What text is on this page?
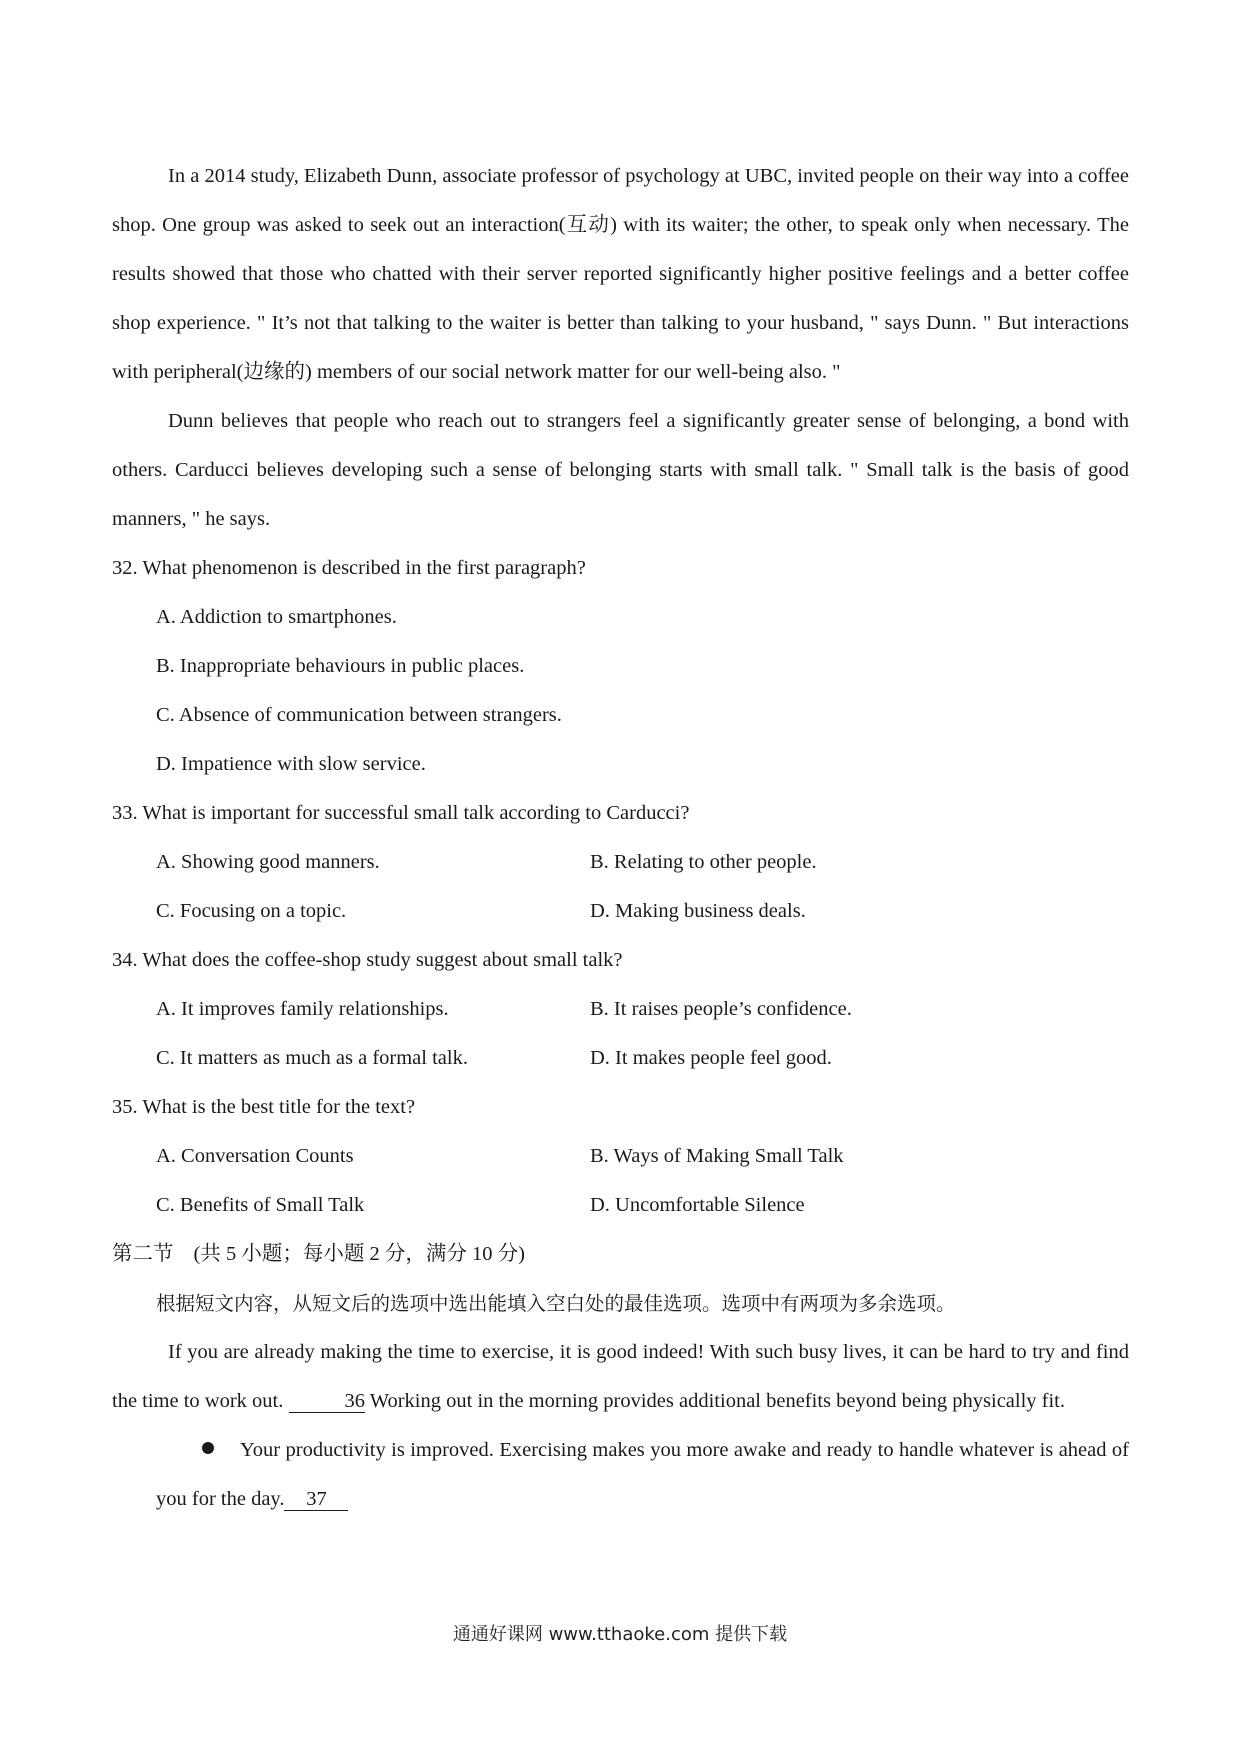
In a 2014 study, Elizabeth Dunn, associate professor of psychology at UBC, invited people on their way into a coffee shop. One group was asked to seek out an interaction(互动) with its waiter; the other, to speak only when necessary. The results showed that those who chatted with their server reported significantly higher positive feelings and a better coffee shop experience. " It’s not that talking to the waiter is better than talking to your husband, " says Dunn. " But interactions with peripheral(边缘的) members of our social network matter for our well-being also. "

Dunn believes that people who reach out to strangers feel a significantly greater sense of belonging, a bond with others. Carducci believes developing such a sense of belonging starts with small talk. " Small talk is the basis of good manners, " he says.

32. What phenomenon is described in the first paragraph?

A. Addiction to smartphones.
B. Inappropriate behaviours in public places.
C. Absence of communication between strangers.
D. Impatience with slow service.

33. What is important for successful small talk according to Carducci?

A. Showing good manners.	B. Relating to other people.
C. Focusing on a topic.	D. Making business deals.

34. What does the coffee-shop study suggest about small talk?

A. It improves family relationships.	B. It raises people’s confidence.
C. It matters as much as a formal talk.	D. It makes people feel good.

35. What is the best title for the text?

A. Conversation Counts	B. Ways of Making Small Talk
C. Benefits of Small Talk	D. Uncomfortable Silence

第二节 (共 5 小题；每小题 2 分，满分 10 分)

根据短文内容，从短文后的选项中选出能填入空白处的最佳选项。选项中有两项为多余选项。

If you are already making the time to exercise, it is good indeed! With such busy lives, it can be hard to try and find the time to work out.	36 Working out in the morning provides additional benefits beyond being physically fit.

Your productivity is improved. Exercising makes you more awake and ready to handle whatever is ahead of you for the day. 37

通通好课网 www.tthaoke.com 提供下载
